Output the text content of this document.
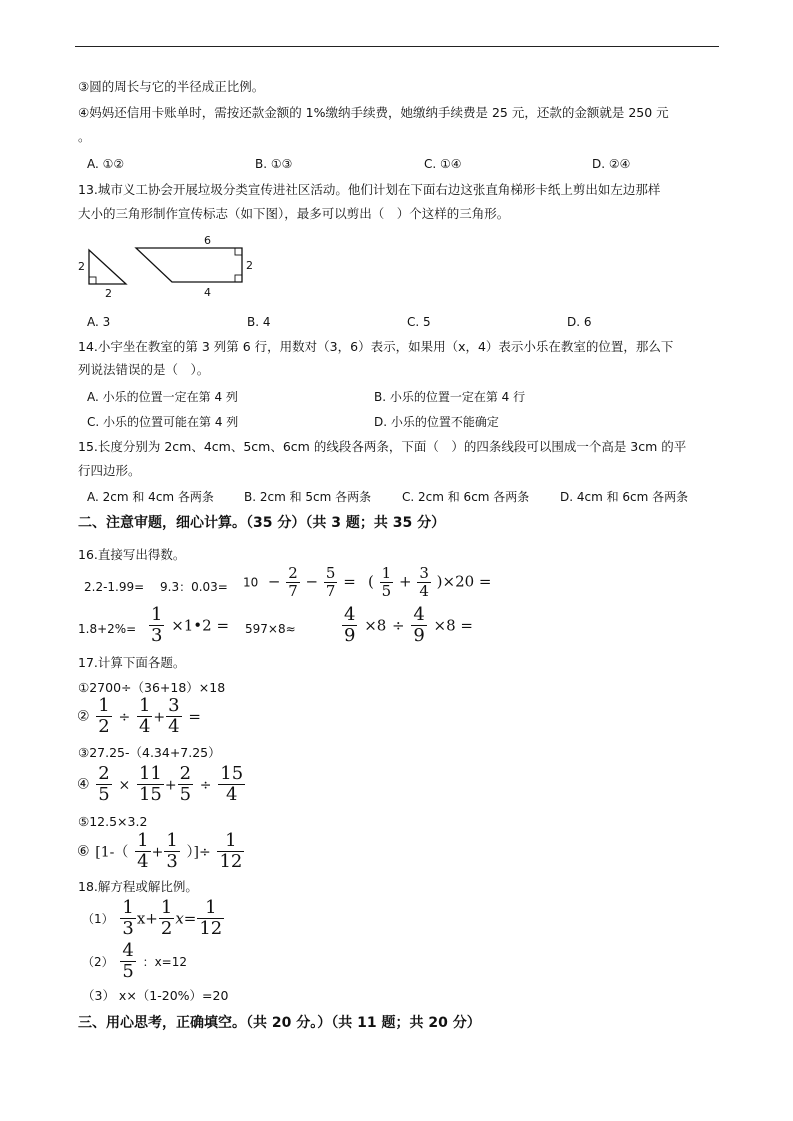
③圆的周长与它的半径成正比例。
④妈妈还信用卡账单时，需按还款金额的 1%缴纳手续费，她缴纳手续费是 25 元，还款的金额就是 250 元
。
A. ①②	B. ①③	C. ①④	D. ②④
13.城市义工协会开展垃圾分类宣传进社区活动。他们计划在下面右边这张直角梯形卡纸上剪出如左边那样
大小的三角形制作宣传标志（如下图），最多可以剪出（　）个这样的三角形。
2
2
6
2
4
A. 3	B. 4	C. 5	D. 6
14.小宇坐在教室的第 3 列第 6 行，用数对（3，6）表示，如果用（x，4）表示小乐在教室的位置，那么下
列说法错误的是（　）。
A. 小乐的位置一定在第 4 列	B. 小乐的位置一定在第 4 行
C. 小乐的位置可能在第 4 列	D. 小乐的位置不能确定
15.长度分别为 2cm、4cm、5cm、6cm 的线段各两条，下面（　）的四条线段可以围成一个高是 3cm 的平
行四边形。
A. 2cm 和 4cm 各两条	B. 2cm 和 5cm 各两条	C. 2cm 和 6cm 各两条	D. 4cm 和 6cm 各两条
二、注意审题，细心计算。（35 分）（共 3 题；共 35 分）
16.直接写出得数。
2.2-1.99= 9.3：$0.03= 10 - \frac{2}{7} - \frac{5}{7}$ = ( $\frac{1}{5} + \frac{3}{4} )\times 20$ =
$1.8+2\%= \frac{1}{3}$ ×1•2 = 597×8≈	$\frac{4}{9} \times 8 \div \frac{4}{9} \times 8$ =
17.计算下面各题。
①2700÷（36+18）×18
② $\frac{1}{2} \div \frac{1}{4} + \frac{3}{4}$ =
③27.25-（4.34+7.25）
④ $\frac{2}{5} \times \frac{11}{15} + \frac{2}{5} \div \frac{15}{4}$
⑤12.5×3.2
⑥ [$1-( \frac{1}{4} + \frac{1}{3}$ ）]÷ $\frac{1}{12}$
18.解方程或解比例。
$(1) \frac{1}{3} x+ \frac{1}{2} x= \frac{1}{12}$
$(2) \frac{4}{5}$ ：x=12
（3） x×（1-20%）=20
三、用心思考，正确填空。（共 20 分。）（共 11 题；共 20 分）
